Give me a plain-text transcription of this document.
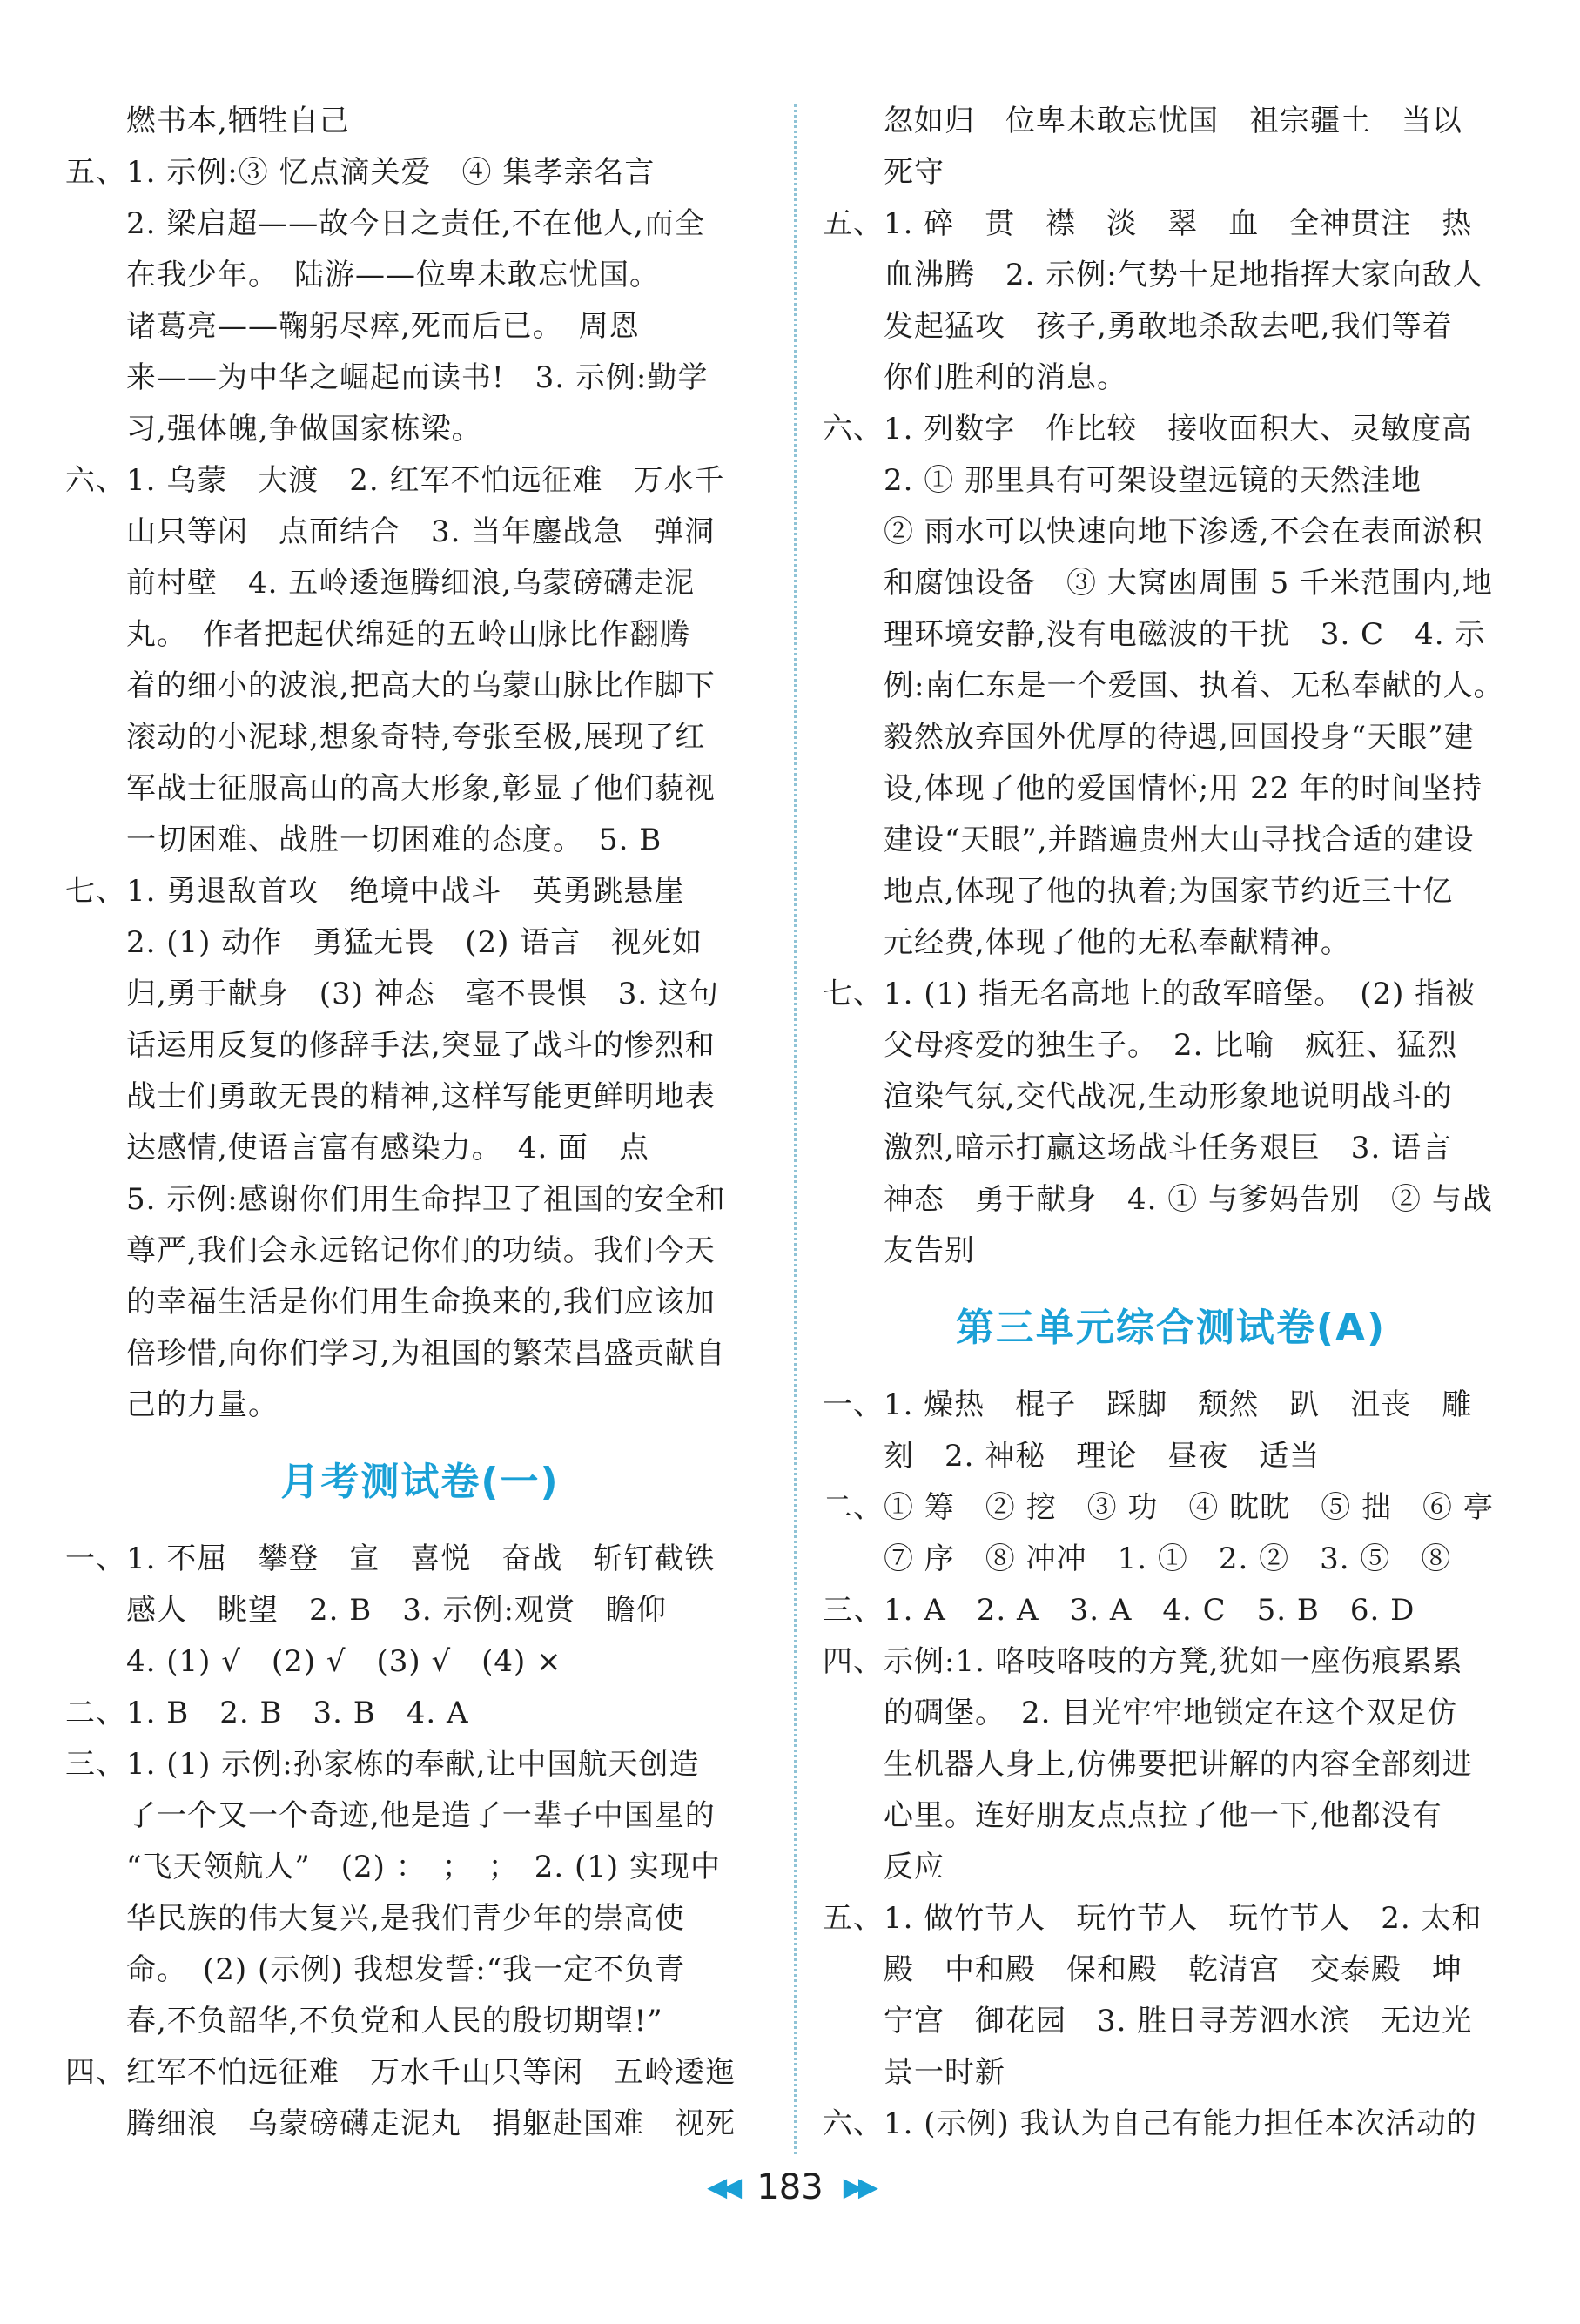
燃书本,牺牲自己
五、1. 示例:③ 忆点滴关爱　④ 集孝亲名言
2. 梁启超——故今日之责任,不在他人,而全
在我少年。　陆游——位卑未敢忘忧国。
诸葛亮——鞠躬尽瘁,死而后已。　周恩
来——为中华之崛起而读书!　3. 示例:勤学
习,强体魄,争做国家栋梁。
六、1. 乌蒙　大渡　2. 红军不怕远征难　万水千
山只等闲　点面结合　3. 当年鏖战急　弹洞
前村壁　4. 五岭逶迤腾细浪,乌蒙磅礴走泥
丸。　作者把起伏绵延的五岭山脉比作翻腾
着的细小的波浪,把高大的乌蒙山脉比作脚下
滚动的小泥球,想象奇特,夸张至极,展现了红
军战士征服高山的高大形象,彰显了他们藐视
一切困难、战胜一切困难的态度。　5. B
七、1. 勇退敌首攻　绝境中战斗　英勇跳悬崖
2. (1) 动作　勇猛无畏　(2) 语言　视死如
归,勇于献身　(3) 神态　毫不畏惧　3. 这句
话运用反复的修辞手法,突显了战斗的惨烈和
战士们勇敢无畏的精神,这样写能更鲜明地表
达感情,使语言富有感染力。　4. 面　点
5. 示例:感谢你们用生命捍卫了祖国的安全和
尊严,我们会永远铭记你们的功绩。我们今天
的幸福生活是你们用生命换来的,我们应该加
倍珍惜,向你们学习,为祖国的繁荣昌盛贡献自
己的力量。
月考测试卷(一)
一、1. 不屈　攀登　宣　喜悦　奋战　斩钉截铁
感人　眺望　2. B　3. 示例:观赏　瞻仰
4. (1) √　(2) √　(3) √　(4) ×
二、1. B　2. B　3. B　4. A
三、1. (1) 示例:孙家栋的奉献,让中国航天创造
了一个又一个奇迹,他是造了一辈子中国星的
“飞天领航人”　(2) ：　；　；　2. (1) 实现中
华民族的伟大复兴,是我们青少年的崇高使
命。　(2) (示例) 我想发誓:“我一定不负青
春,不负韶华,不负党和人民的殷切期望!”
四、红军不怕远征难　万水千山只等闲　五岭逶迤
腾细浪　乌蒙磅礴走泥丸　捐躯赴国难　视死
忽如归　位卑未敢忘忧国　祖宗疆土　当以
死守
五、1. 碎　贯　襟　淡　翠　血　全神贯注　热
血沸腾　2. 示例:气势十足地指挥大家向敌人
发起猛攻　孩子,勇敢地杀敌去吧,我们等着
你们胜利的消息。
六、1. 列数字　作比较　接收面积大、灵敏度高
2. ① 那里具有可架设望远镜的天然洼地
② 雨水可以快速向地下渗透,不会在表面淤积
和腐蚀设备　③ 大窝凼周围 5 千米范围内,地
理环境安静,没有电磁波的干扰　3. C　4. 示
例:南仁东是一个爱国、执着、无私奉献的人。
毅然放弃国外优厚的待遇,回国投身“天眼”建
设,体现了他的爱国情怀;用 22 年的时间坚持
建设“天眼”,并踏遍贵州大山寻找合适的建设
地点,体现了他的执着;为国家节约近三十亿
元经费,体现了他的无私奉献精神。
七、1. (1) 指无名高地上的敌军暗堡。　(2) 指被
父母疼爱的独生子。　2. 比喻　疯狂、猛烈
渲染气氛,交代战况,生动形象地说明战斗的
激烈,暗示打赢这场战斗任务艰巨　3. 语言
神态　勇于献身　4. ① 与爹妈告别　② 与战
友告别
第三单元综合测试卷(A)
一、1. 燥热　棍子　踩脚　颓然　趴　沮丧　雕
刻　2. 神秘　理论　昼夜　适当
二、① 筹　② 挖　③ 功　④ 眈眈　⑤ 拙　⑥ 亭
⑦ 序　⑧ 冲冲　1. ①　2. ②　3. ⑤　⑧
三、1. A　2. A　3. A　4. C　5. B　6. D
四、示例:1. 咯吱咯吱的方凳,犹如一座伤痕累累
的碉堡。　2. 目光牢牢地锁定在这个双足仿
生机器人身上,仿佛要把讲解的内容全部刻进
心里。连好朋友点点拉了他一下,他都没有
反应
五、1. 做竹节人　玩竹节人　玩竹节人　2. 太和
殿　中和殿　保和殿　乾清宫　交泰殿　坤
宁宫　御花园　3. 胜日寻芳泗水滨　无边光
景一时新
六、1. (示例) 我认为自己有能力担任本次活动的
◀◀ 183 ▶▶
